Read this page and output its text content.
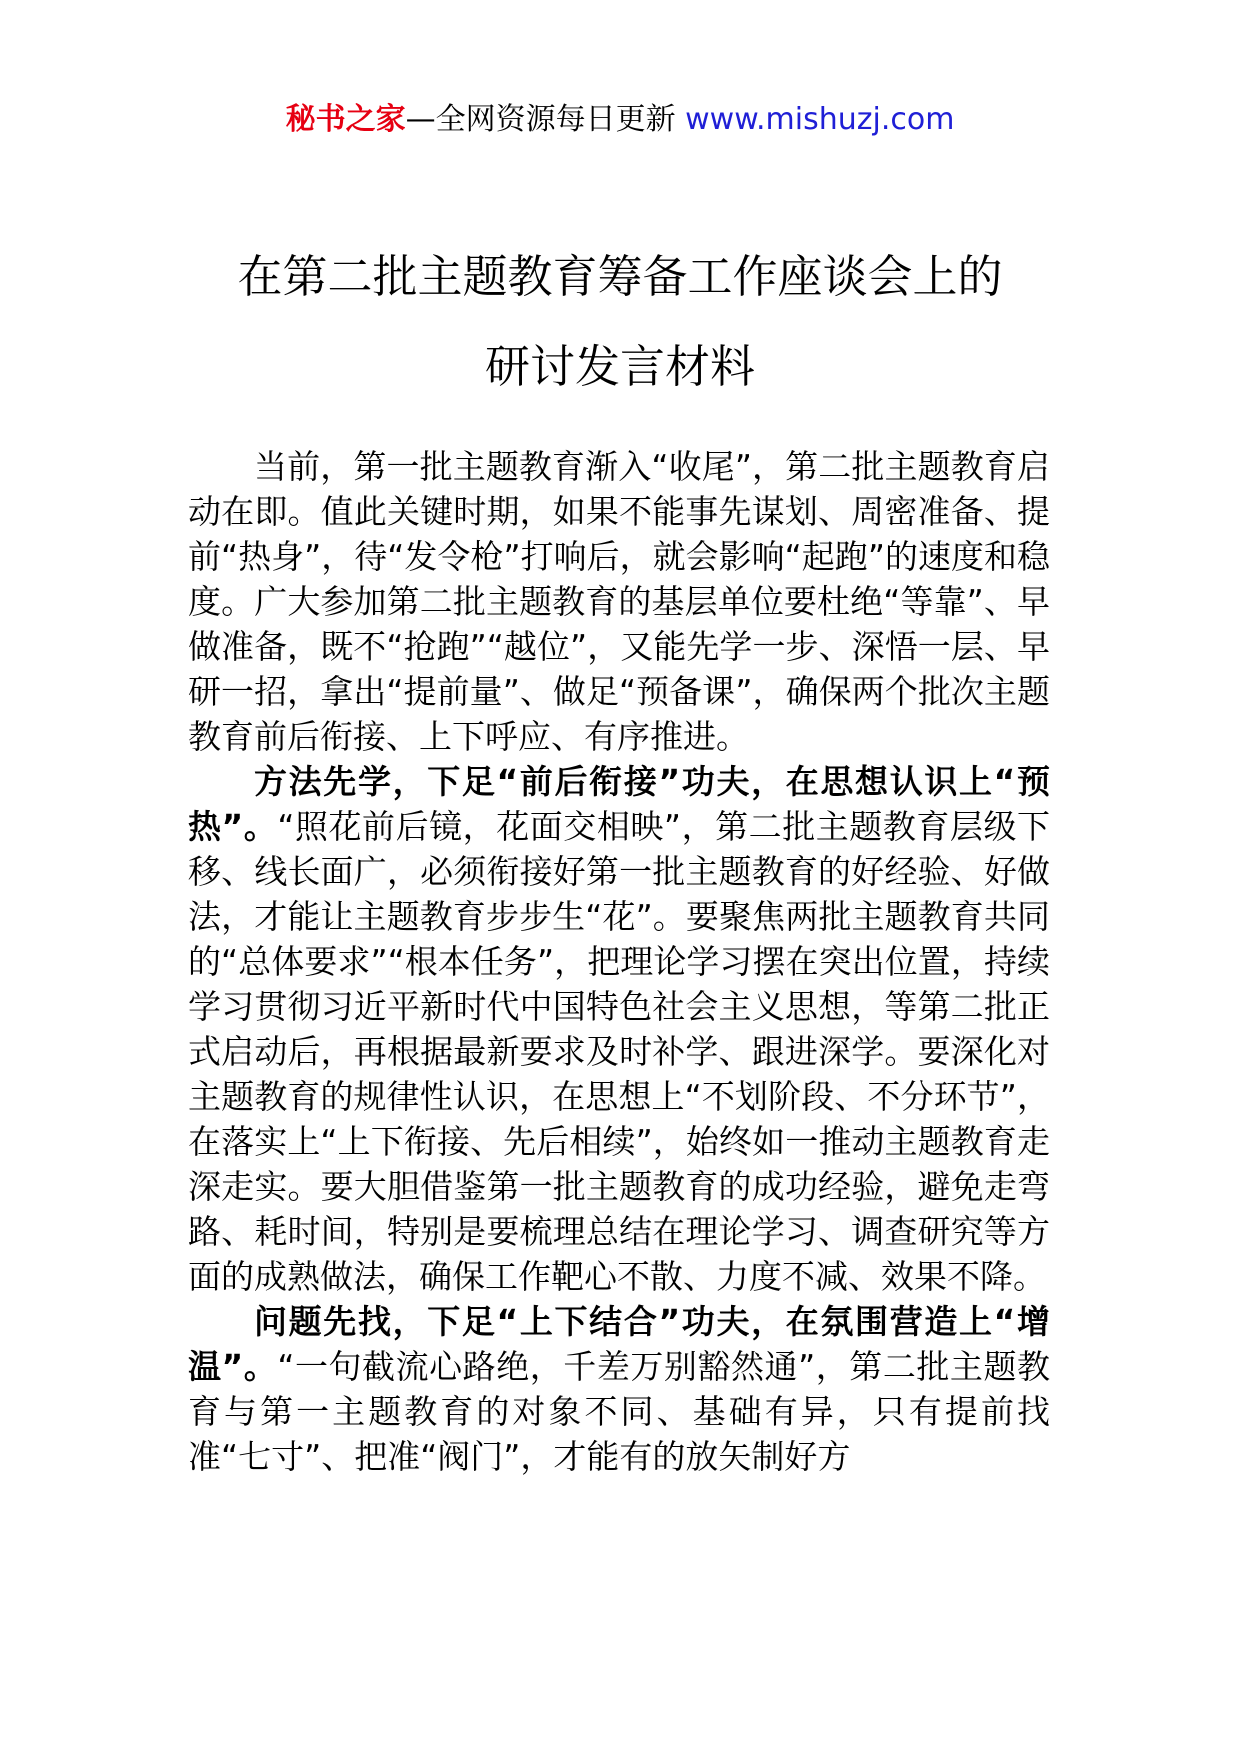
秘书之家—全网资源每日更新 www.mishuzj.com
在第二批主题教育筹备工作座谈会上的
研讨发言材料

当前，第一批主题教育渐入“收尾”，第二批主题教育启动在即。值此关键时期，如果不能事先谋划、周密准备、提前“热身”，待“发令枪”打响后，就会影响“起跑”的速度和稳度。广大参加第二批主题教育的基层单位要杜绝“等靠”、早做准备，既不“抢跑”“越位”，又能先学一步、深悟一层、早研一招，拿出“提前量”、做足“预备课”，确保两个批次主题教育前后衔接、上下呼应、有序推进。

方法先学，下足“前后衔接”功夫，在思想认识上“预热”。“照花前后镜，花面交相映”，第二批主题教育层级下移、线长面广，必须衔接好第一批主题教育的好经验、好做法，才能让主题教育步步生“花”。要聚焦两批主题教育共同的“总体要求”“根本任务”，把理论学习摆在突出位置，持续学习贯彻习近平新时代中国特色社会主义思想，等第二批正式启动后，再根据最新要求及时补学、跟进深学。要深化对主题教育的规律性认识，在思想上“不划阶段、不分环节”，在落实上“上下衔接、先后相续”，始终如一推动主题教育走深走实。要大胆借鉴第一批主题教育的成功经验，避免走弯路、耗时间，特别是要梳理总结在理论学习、调查研究等方面的成熟做法，确保工作靶心不散、力度不减、效果不降。

问题先找，下足“上下结合”功夫，在氛围营造上“增温”。“一句截流心路绝，千差万别豁然通”，第二批主题教育与第一主题教育的对象不同、基础有异，只有提前找准“七寸”、把准“阀门”，才能有的放矢制好方
